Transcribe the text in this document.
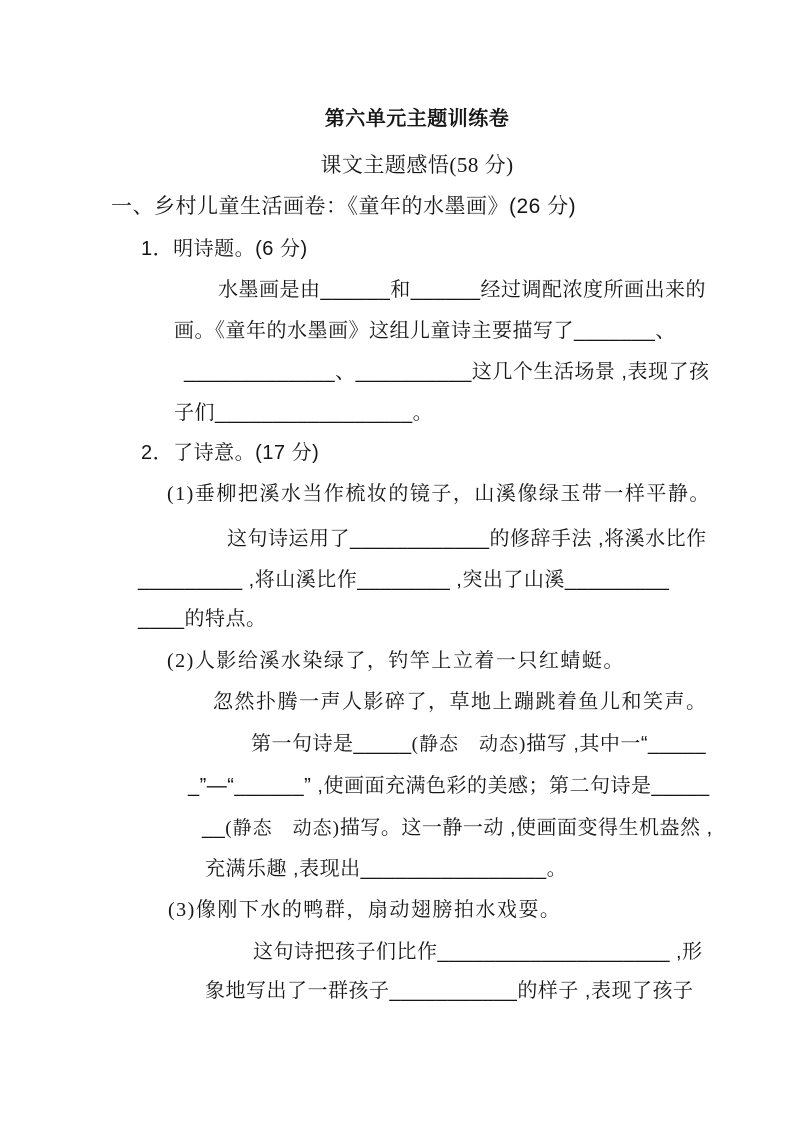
第六单元主题训练卷
课文主题感悟(58 分)
一、乡村儿童生活画卷：《童年的水墨画》(26 分)
1．明诗题。(6 分)
水墨画是由______和______经过调配浓度所画出来的
画。《童年的水墨画》这组儿童诗主要描写了_______、
_____________、__________这几个生活场景 ,表现了孩
子们_________________。
2．了诗意。(17 分)
(1)垂柳把溪水当作梳妆的镜子，山溪像绿玉带一样平静。
这句诗运用了____________的修辞手法 ,将溪水比作
_________ ,将山溪比作________ ,突出了山溪_________
____的特点。
(2)人影给溪水染绿了，钓竿上立着一只红蜻蜓。
忽然扑腾一声人影碎了，草地上蹦跳着鱼儿和笑声。
第一句诗是_____(静态　动态)描写 ,其中一“_____
_”—“______” ,使画面充满色彩的美感；第二句诗是_____
__(静态　动态)描写。这一静一动 ,使画面变得生机盎然 ,
充满乐趣 ,表现出________________。
(3)像刚下水的鸭群，扇动翅膀拍水戏耍。
这句诗把孩子们比作____________________ ,形
象地写出了一群孩子___________的样子 ,表现了孩子
